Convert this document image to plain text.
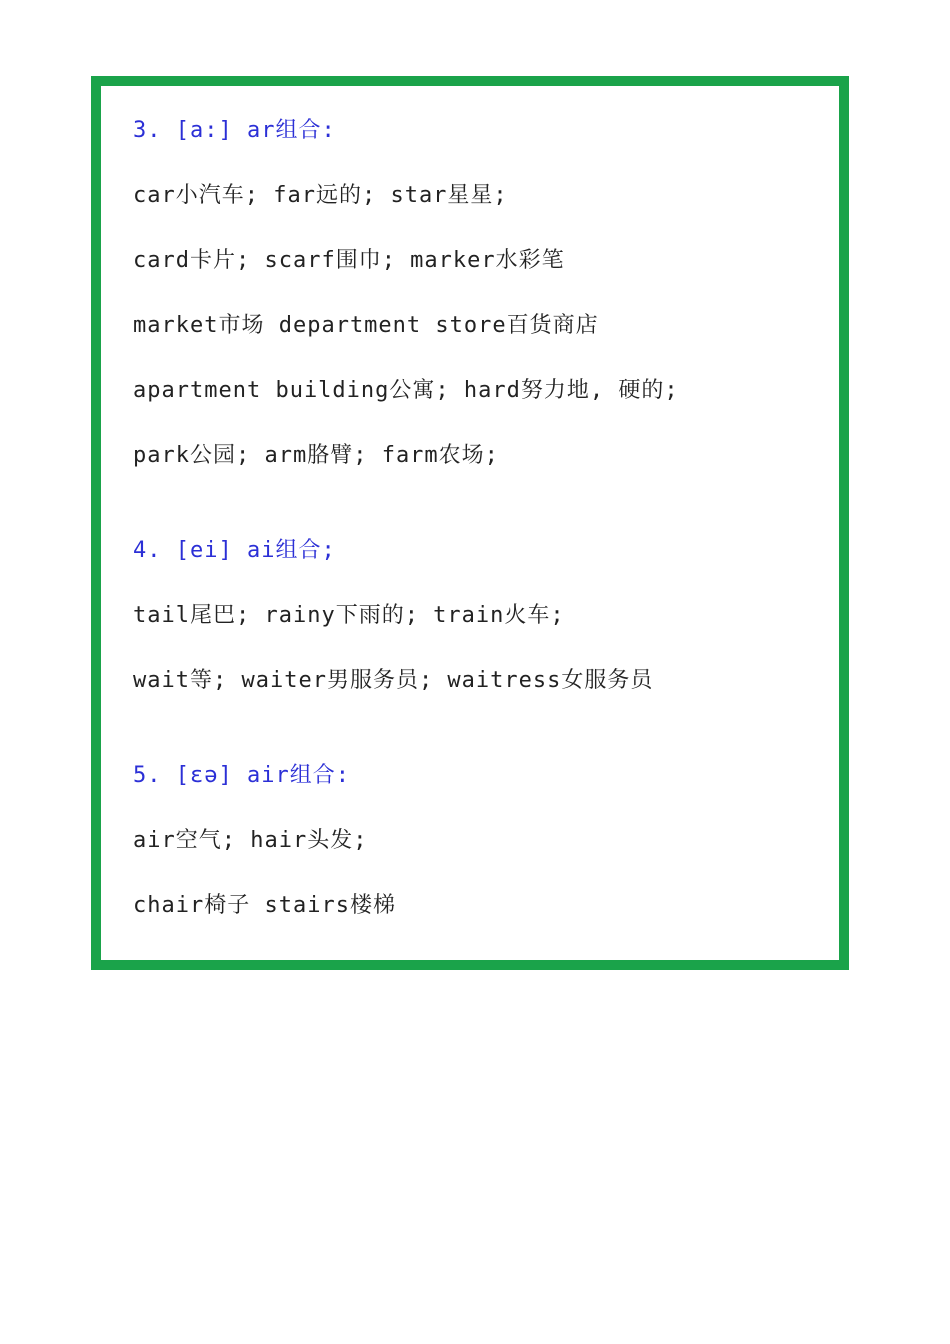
3. [a:] ar组合:
car小汽车; far远的; star星星;
card卡片; scarf围巾; marker水彩笔
market市场 department store百货商店
apartment building公寓; hard努力地, 硬的;
park公园; arm胳臂; farm农场;
4. [ei] ai组合;
tail尾巴; rainy下雨的; train火车;
wait等; waiter男服务员; waitress女服务员
5. [ɛə] air组合:
air空气; hair头发;
chair椅子 stairs楼梯
